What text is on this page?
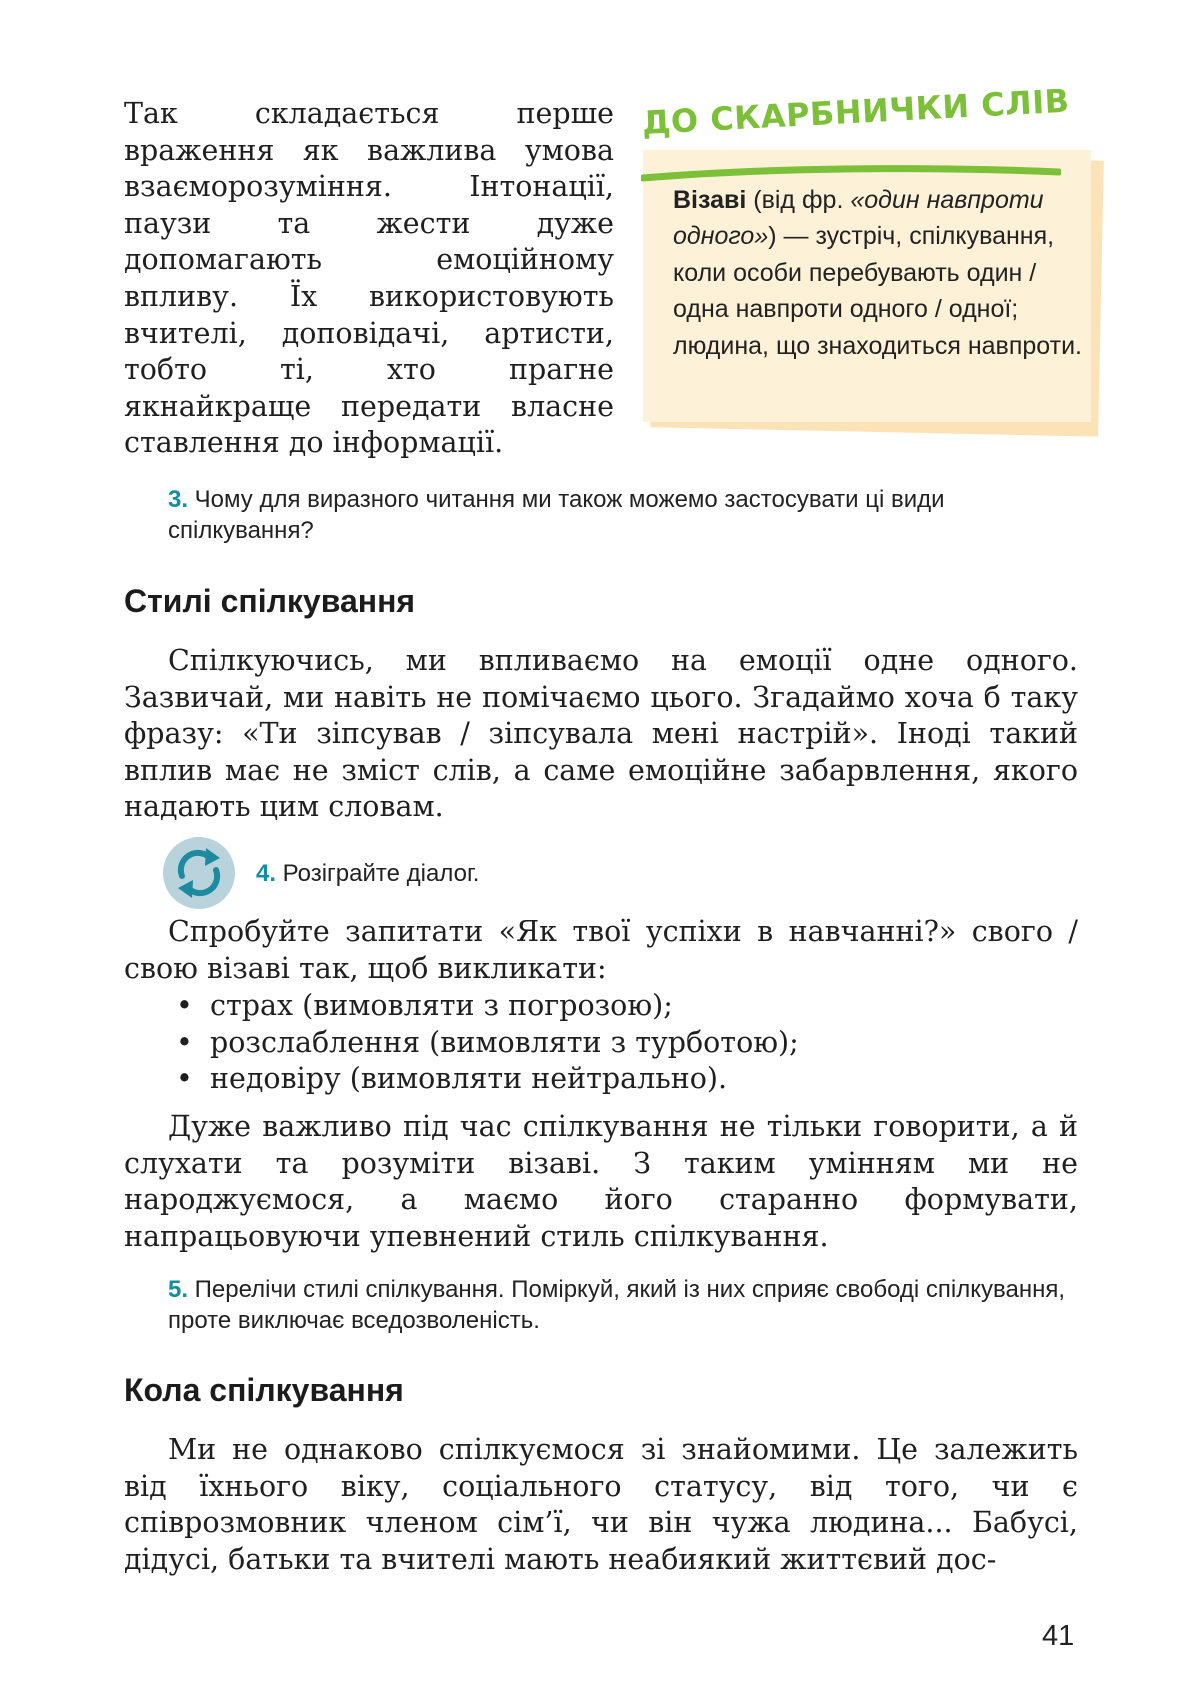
Так складається перше враження як важлива умова взаєморозуміння. Інтонації, паузи та жести дуже допомагають емоційному впливу. Їх використовують вчителі, доповідачі, артисти, тобто ті, хто прагне якнайкраще передати власне ставлення до інформації.

ДО СКАРБНИЧКИ СЛІВ

Візаві (від фр. «один навпроти одного») — зустріч, спілкування, коли особи перебувають один / одна навпроти одного / одної; людина, що знаходиться навпроти.

3. Чому для виразного читання ми також можемо застосувати ці види спілкування?

Стилі спілкування

Спілкуючись, ми впливаємо на емоції одне одного. Зазвичай, ми навіть не помічаємо цього. Згадаймо хоча б таку фразу: «Ти зіпсував / зіпсувала мені настрій». Іноді такий вплив має не зміст слів, а саме емоційне забарвлення, якого надають цим словам.

4. Розіграйте діалог.

Спробуйте запитати «Як твої успіхи в навчанні?» свого / свою візаві так, щоб викликати:

• страх (вимовляти з погрозою);
• розслаблення (вимовляти з турботою);
• недовіру (вимовляти нейтрально).

Дуже важливо під час спілкування не тільки говорити, а й слухати та розуміти візаві. З таким умінням ми не народжуємося, а маємо його старанно формувати, напрацьовуючи упевнений стиль спілкування.

5. Перелічи стилі спілкування. Поміркуй, який із них сприяє свободі спілкування, проте виключає вседозволеність.

Кола спілкування

Ми не однаково спілкуємося зі знайомими. Це залежить від їхнього віку, соціального статусу, від того, чи є співрозмовник членом сім’ї, чи він чужа людина... Бабусі, дідусі, батьки та вчителі мають неабиякий життєвий дос-

41
